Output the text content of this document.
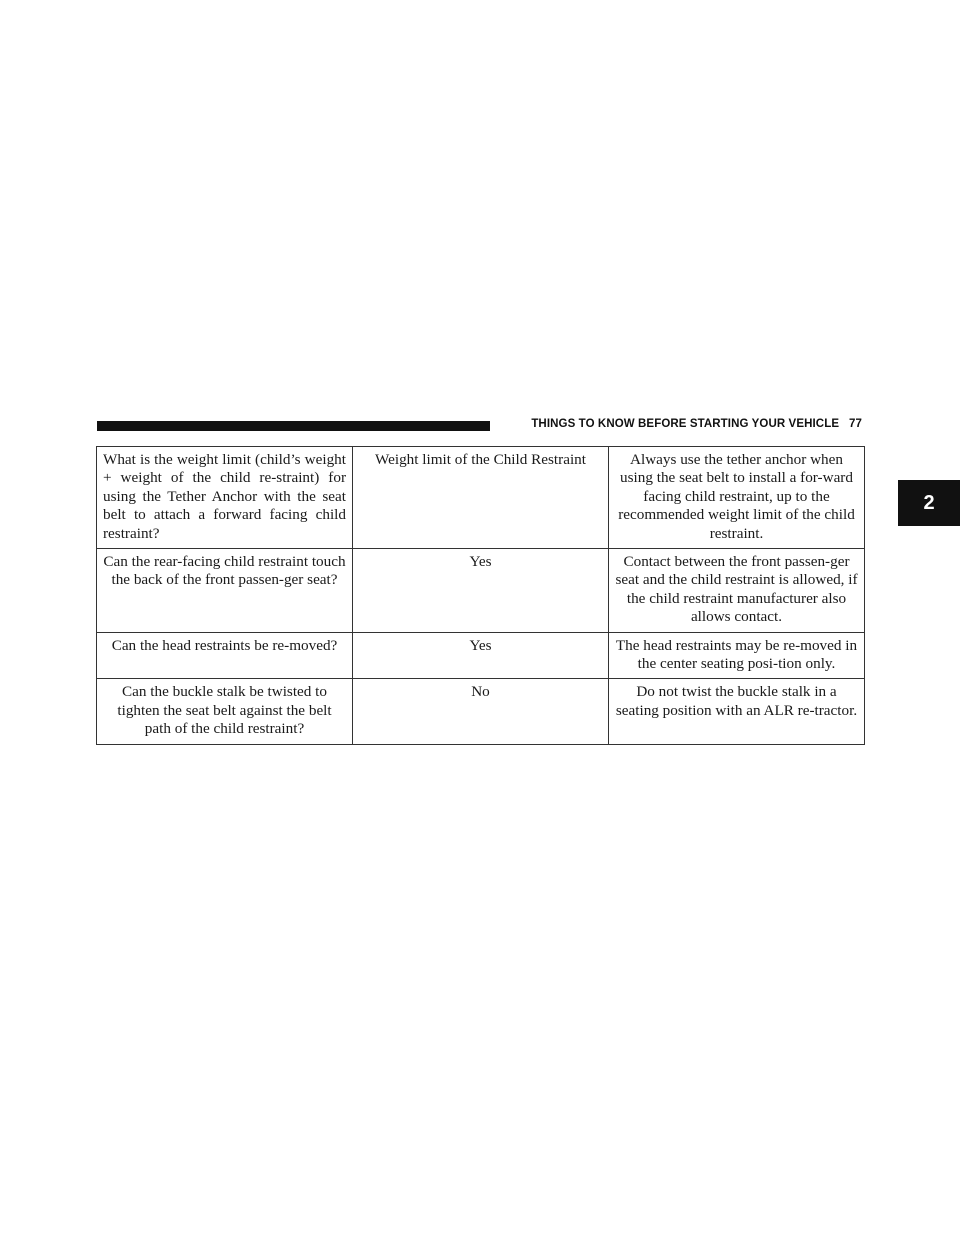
THINGS TO KNOW BEFORE STARTING YOUR VEHICLE 77
2
What is the weight limit (child’s weight + weight of the child re-straint) for using the Tether Anchor with the seat belt to attach a forward facing child restraint?	Weight limit of the Child Restraint	Always use the tether anchor when using the seat belt to install a for-ward facing child restraint, up to the recommended weight limit of the child restraint.
Can the rear-facing child restraint touch the back of the front passen-ger seat?	Yes	Contact between the front passen-ger seat and the child restraint is allowed, if the child restraint manufacturer also allows contact.
Can the head restraints be re-moved?	Yes	The head restraints may be re-moved in the center seating posi-tion only.
Can the buckle stalk be twisted to tighten the seat belt against the belt path of the child restraint?	No	Do not twist the buckle stalk in a seating position with an ALR re-tractor.
